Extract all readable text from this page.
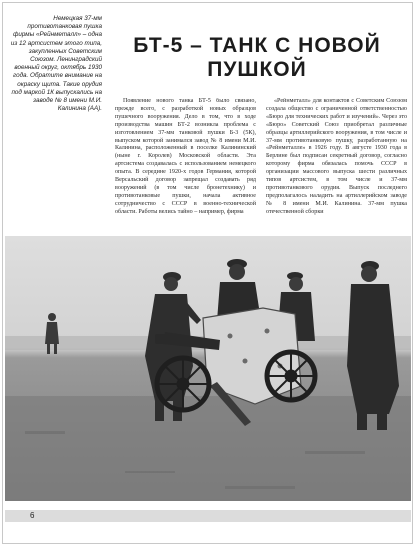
Немецкая 37-мм противотанковая пушка фирмы «Рейнметалл» – одна из 12 артсистем этого типа, закупленных Советским Союзом. Ленинградский военный округ, октябрь 1930 года. Обратите внимание на окраску щита. Такие орудия под маркой 1К выпускались на заводе № 8 имени М.И. Калинина (АА).
БТ-5 – ТАНК С НОВОЙ ПУШКОЙ

Появление нового танка БТ-5 было связано, прежде всего, с разработкой новых образцов пушечного вооружения. Дело в том, что в ходе производства машин БТ-2 возникла проблема с изготовлением 37-мм танковой пушки Б-3 (5К), выпуском которой занимался завод № 8 имени М.И. Калинина, расположенный в поселке Калининский (ныне г. Королев) Московской области. Эта артсистема создавалась с использованием немецкого опыта. В середине 1920-х годов Германия, которой Версальский договор запрещал создавать ряд вооружений (в том числе бронетехнику) и противотанковые пушки, начала активное сотрудничество с СССР в военно-технической области. Работы велись тайно – например, фирма

«Рейнметалл» для контактов с Советским Союзом создала общество с ограниченной ответственностью «Бюро для технических работ и изучений». Через это «Бюро» Советский Союз приобретал различные образцы артиллерийского вооружения, в том числе и 37-мм противотанковую пушку, разработанную на «Рейнметалле» в 1926 году. В августе 1930 года в Берлине был подписан секретный договор, согласно которому фирма обязалась помочь СССР в организации массового выпуска шести различных типов артсистем, в том числе и 37-мм противотанкового орудия. Выпуск последнего предполагалось наладить на артиллерийском заводе № 8 имени М.И. Калинина. 37-мм пушка отечественной сборки

6
